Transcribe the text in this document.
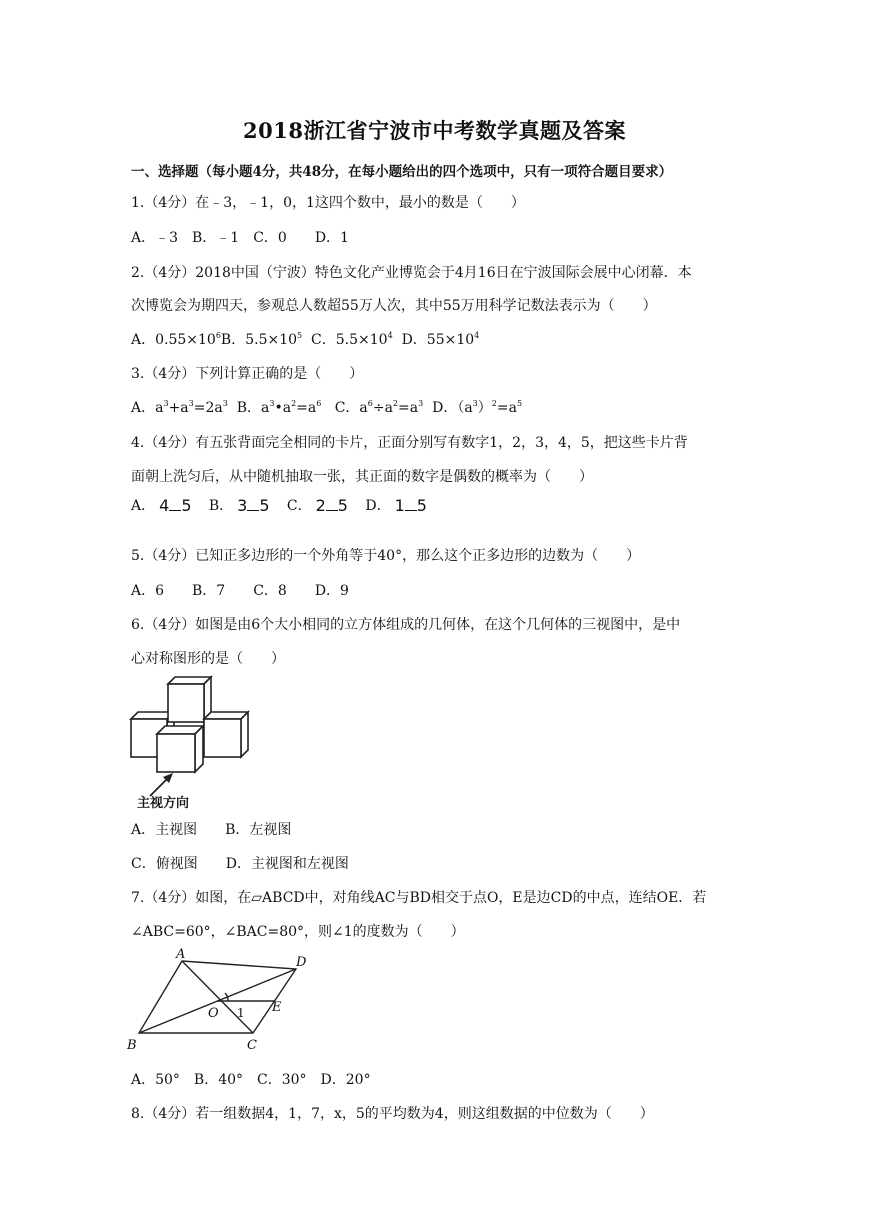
2018浙江省宁波市中考数学真题及答案
一、选择题（每小题4分，共48分，在每小题给出的四个选项中，只有一项符合题目要求）
1.（4分）在﹣3，﹣1，0，1这四个数中，最小的数是（　　）
A．﹣3　B．﹣1　C．0　　D．1
2.（4分）2018中国（宁波）特色文化产业博览会于4月16日在宁波国际会展中心闭幕．本
次博览会为期四天，参观总人数超55万人次，其中55万用科学记数法表示为（　　）
A．$0.55\times 10^6B$．$5.5\times 10^5$ C．$5.5\times 10^4$ D．$55\times 10^4$
3.（4分）下列计算正确的是（　　）
A．$a^3+a^3=2a^3$ B．$a^3•a^2=a^6$ C．$a^6\div a^2=a^3$ D．$(a^3)^2=a^5$
4.（4分）有五张背面完全相同的卡片，正面分别写有数字1，2，3，4，5，把这些卡片背
面朝上洗匀后，从中随机抽取一张，其正面的数字是偶数的概率为（　　）
A． 4 5 B． 3 5 C． 2 5 D． 1 5
5.（4分）已知正多边形的一个外角等于40°，那么这个正多边形的边数为（　　）
A．6　　B．7　　C．8　　D．9
6.（4分）如图是由6个大小相同的立方体组成的几何体，在这个几何体的三视图中，是中
心对称图形的是（　　）
主视方向
A．主视图　　B．左视图
C．俯视图　　D．主视图和左视图
7.（4分）如图，在▱ABCD中，对角线AC与BD相交于点O，E是边CD的中点，连结OE．若
∠ABC=60°，∠BAC=80°，则∠1的度数为（　　）
A
B	C
D
O	E
1
A．50°　B．40°　C．30°　D．20°
8.（4分）若一组数据4，1，7，x，5的平均数为4，则这组数据的中位数为（　　）
